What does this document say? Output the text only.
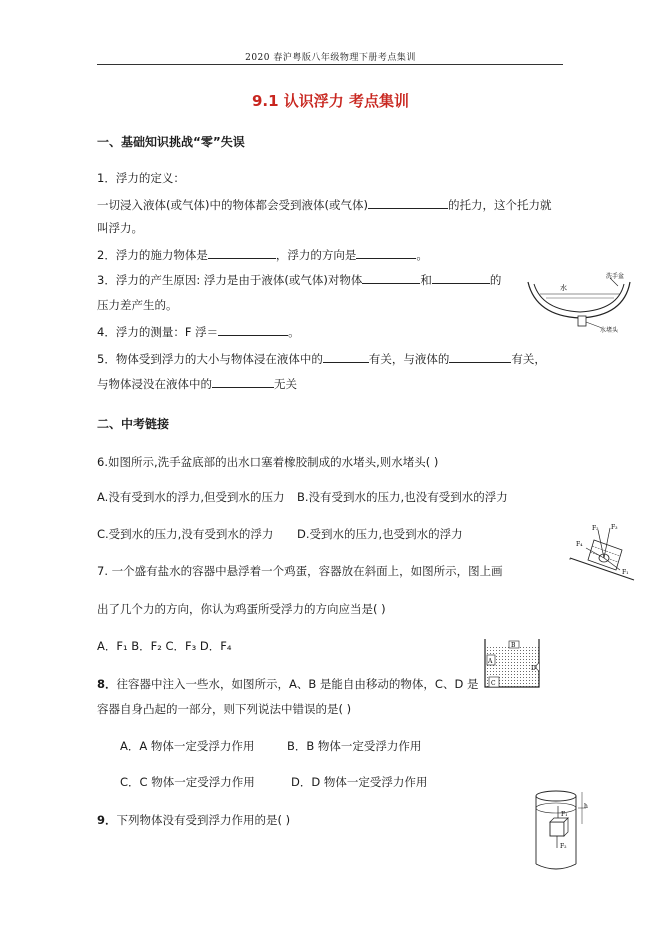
2020 春沪粤版八年级物理下册考点集训
9.1 认识浮力 考点集训
一、基础知识挑战“零”失误
1．浮力的定义：
一切浸入液体(或气体)中的物体都会受到液体(或气体)	的托力，这个托力就
叫浮力。
2．浮力的施力物体是	，浮力的方向是	。
3．浮力的产生原因: 浮力是由于液体(或气体)对物体	和	的
压力差产生的。
4．浮力的测量：F 浮＝	。
5．物体受到浮力的大小与物体浸在液体中的	有关，与液体的	有关，
与物体浸没在液体中的	无关
水
洗手盆
水堵头
二、中考链接
6.如图所示,洗手盆底部的出水口塞着橡胶制成的水堵头,则水堵头( )
A.没有受到水的浮力,但受到水的压力 B.没有受到水的压力,也没有受到水的浮力
C.受到水的压力,没有受到水的浮力 D.受到水的压力,也受到水的浮力	F₂ F₃
F₄
F₁
7. 一个盛有盐水的容器中悬浮着一个鸡蛋，容器放在斜面上，如图所示，图上画
出了几个力的方向，你认为鸡蛋所受浮力的方向应当是( )
A．F₁ B．F₂ C．F₃ D．F₄	B
A
D
C
8．往容器中注入一些水，如图所示，A、B 是能自由移动的物体，C、D 是
容器自身凸起的一部分，则下列说法中错误的是( )
A．A 物体一定受浮力作用	B．B 物体一定受浮力作用
C．C 物体一定受浮力作用	D．D 物体一定受浮力作用
F₁
F₂
h
9．下列物体没有受到浮力作用的是( )
